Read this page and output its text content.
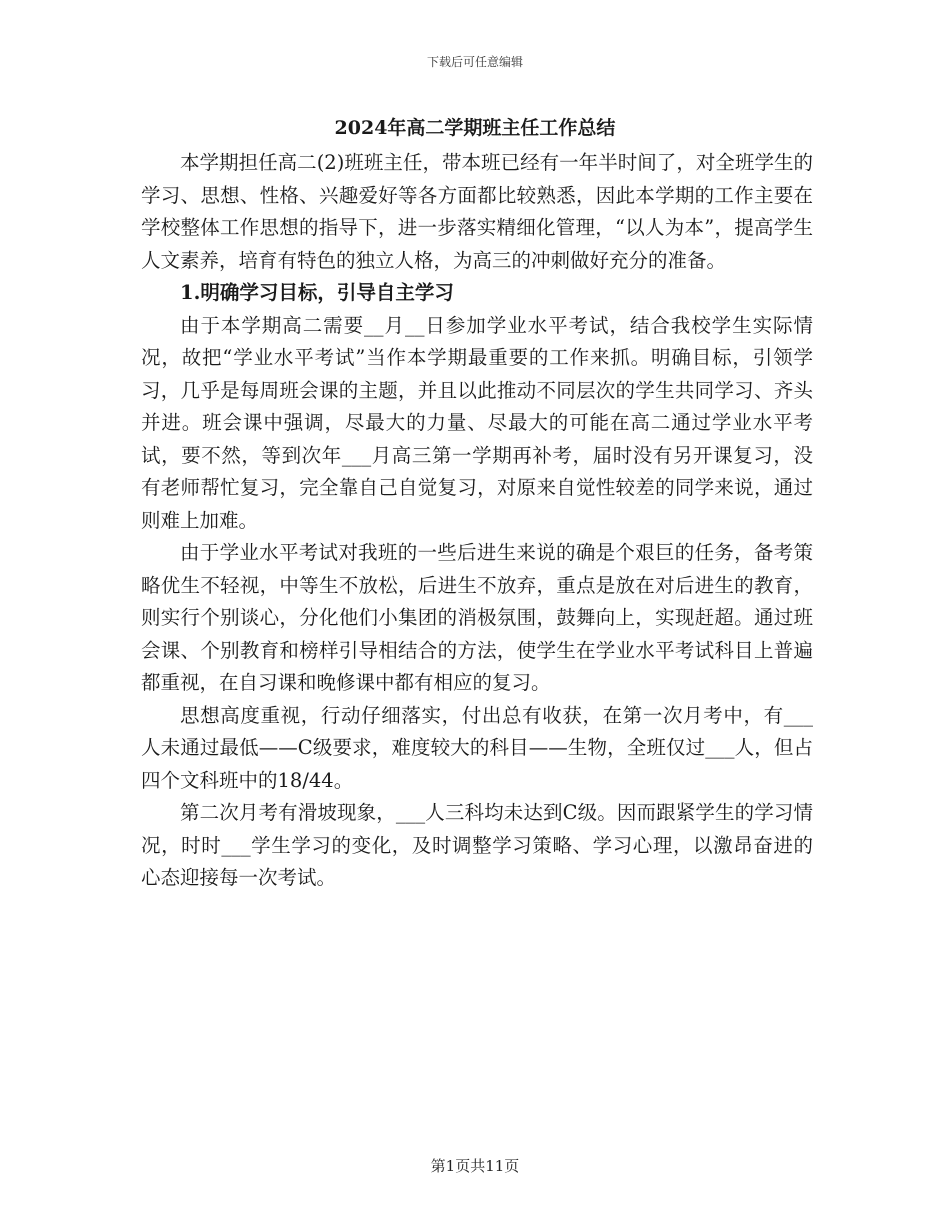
下载后可任意编辑
2024年高二学期班主任工作总结

本学期担任高二(2)班班主任，带本班已经有一年半时间了，对全班学生的学习、思想、性格、兴趣爱好等各方面都比较熟悉，因此本学期的工作主要在学校整体工作思想的指导下，进一步落实精细化管理，“以人为本”，提高学生人文素养，培育有特色的独立人格，为高三的冲刺做好充分的准备。

1.明确学习目标，引导自主学习

由于本学期高二需要__月__日参加学业水平考试，结合我校学生实际情况，故把“学业水平考试”当作本学期最重要的工作来抓。明确目标，引领学习，几乎是每周班会课的主题，并且以此推动不同层次的学生共同学习、齐头并进。班会课中强调，尽最大的力量、尽最大的可能在高二通过学业水平考试，要不然，等到次年___月高三第一学期再补考，届时没有另开课复习，没有老师帮忙复习，完全靠自己自觉复习，对原来自觉性较差的同学来说，通过则难上加难。

由于学业水平考试对我班的一些后进生来说的确是个艰巨的任务，备考策略优生不轻视，中等生不放松，后进生不放弃，重点是放在对后进生的教育，则实行个别谈心，分化他们小集团的消极氛围，鼓舞向上，实现赶超。通过班会课、个别教育和榜样引导相结合的方法，使学生在学业水平考试科目上普遍都重视，在自习课和晚修课中都有相应的复习。

思想高度重视，行动仔细落实，付出总有收获，在第一次月考中，有___人未通过最低——C级要求，难度较大的科目——生物，全班仅过___人，但占四个文科班中的18/44。

第二次月考有滑坡现象，___人三科均未达到C级。因而跟紧学生的学习情况，时时___学生学习的变化，及时调整学习策略、学习心理，以激昂奋进的心态迎接每一次考试。

第1页共11页
